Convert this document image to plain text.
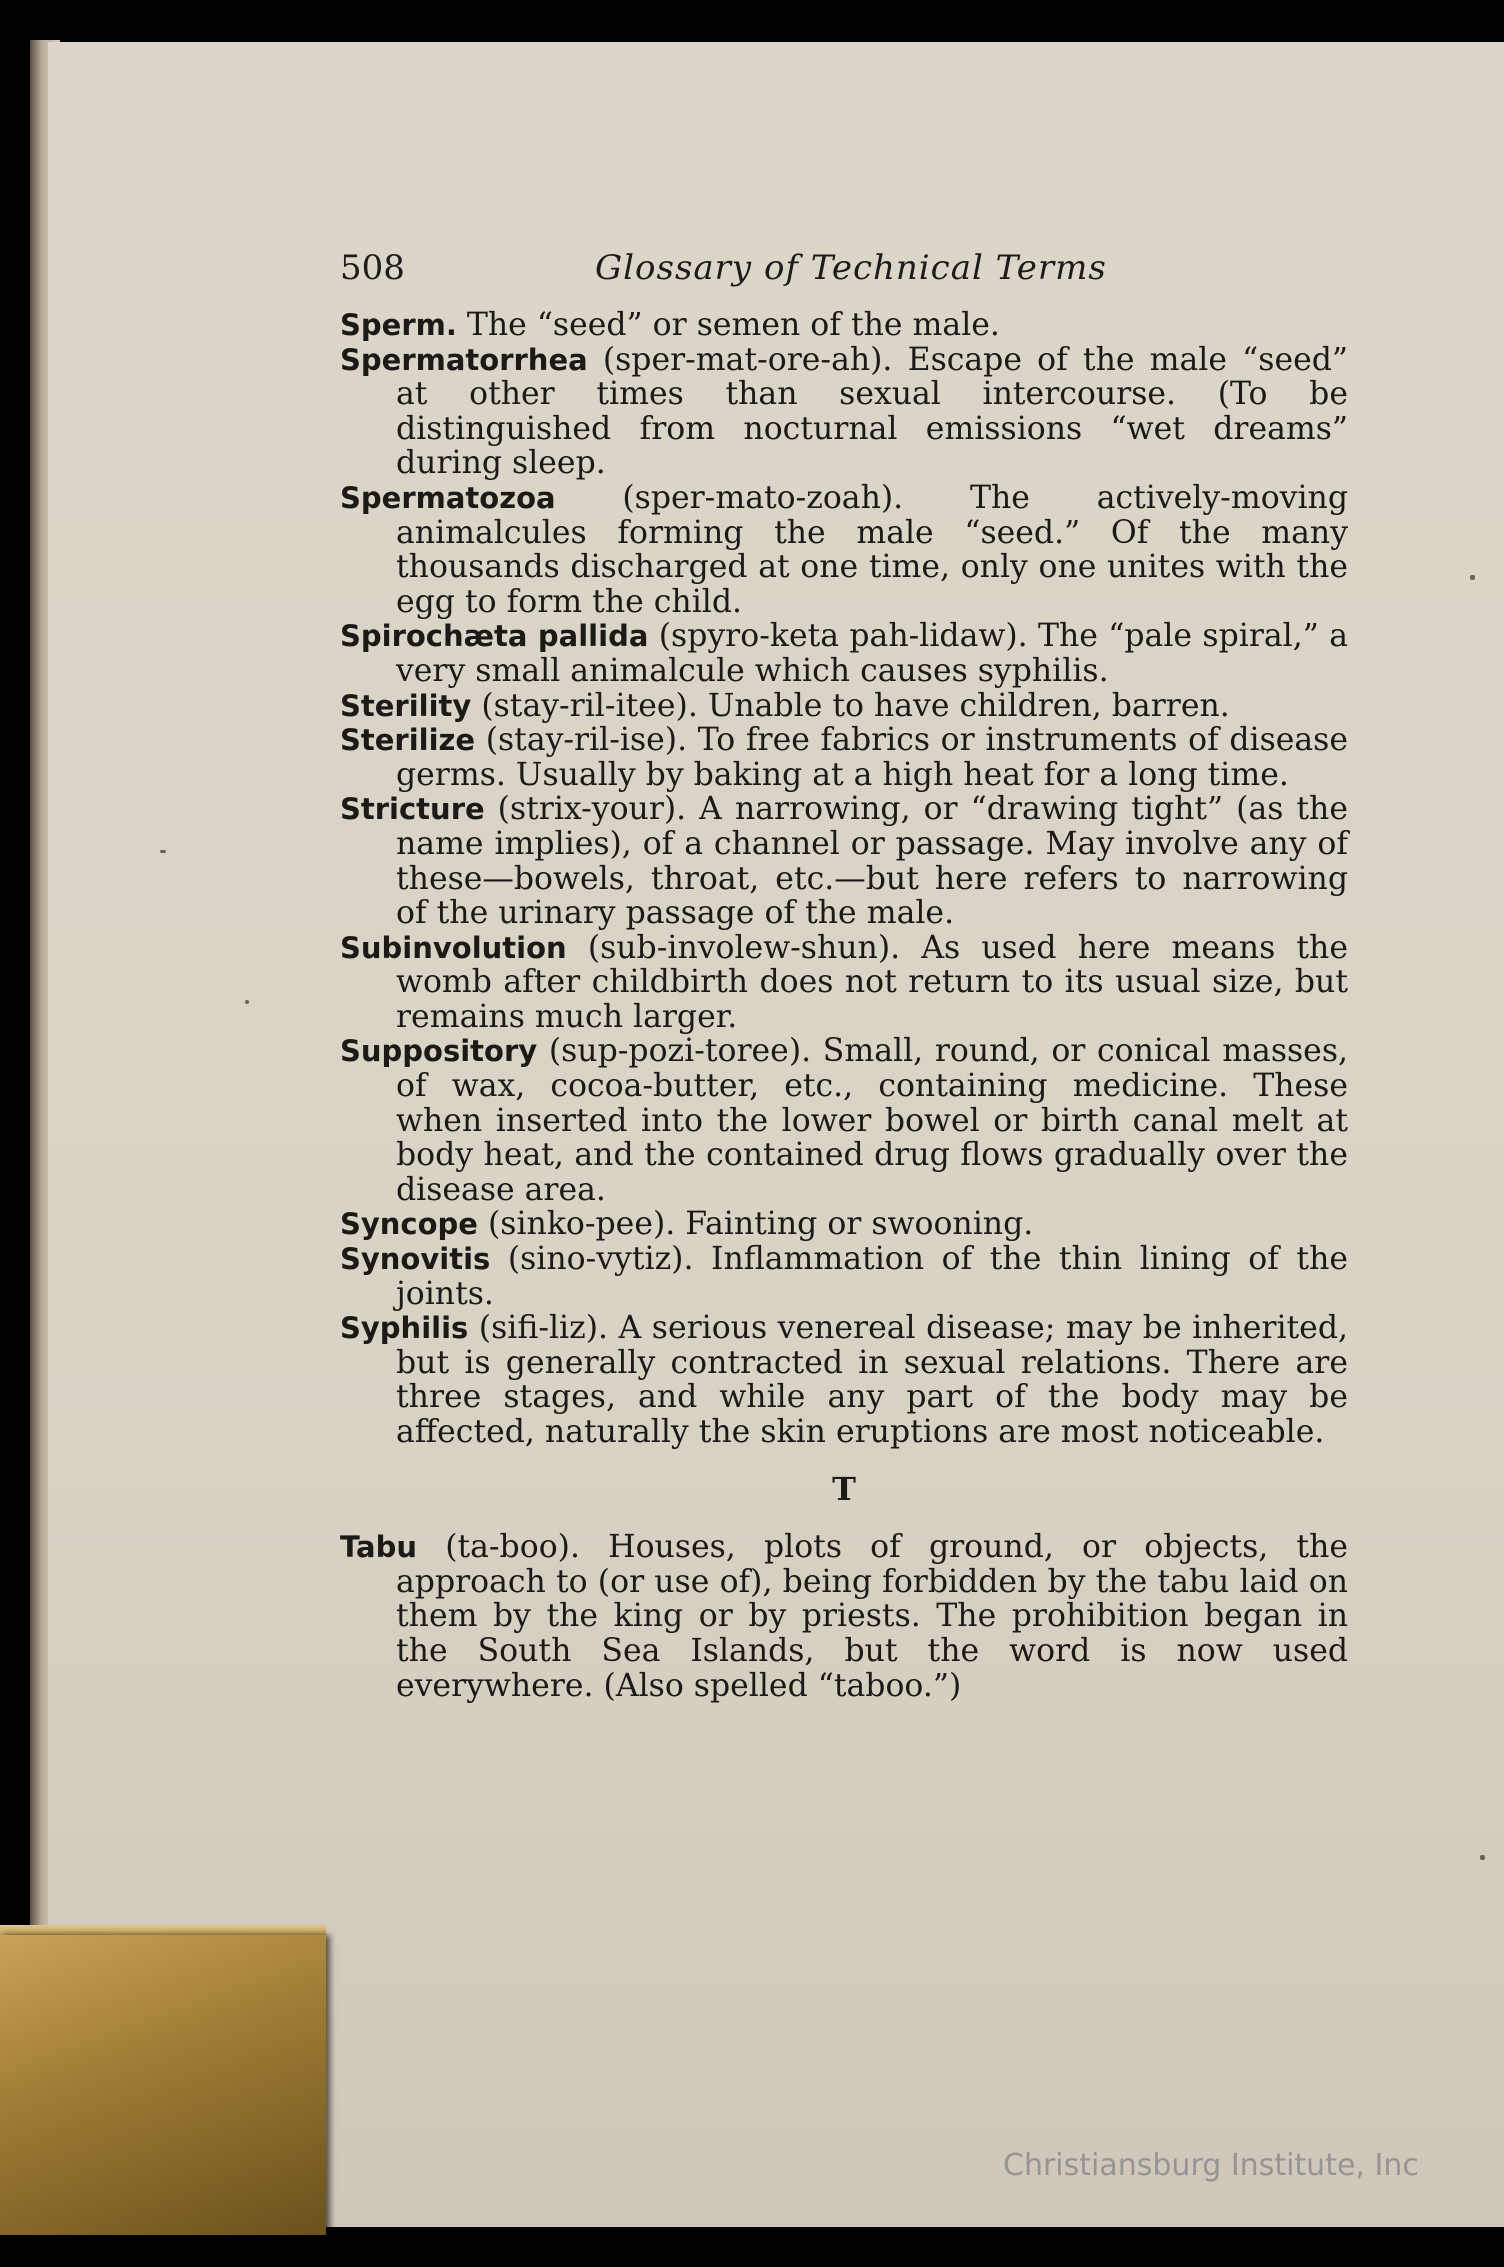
508	Glossary of Technical Terms

Sperm. The “seed” or semen of the male.

Spermatorrhea (sper-mat-ore-ah). Escape of the male “seed” at other times than sexual intercourse. (To be distinguished from nocturnal emissions “wet dreams” during sleep.

Spermatozoa (sper-mato-zoah). The actively-moving animalcules forming the male “seed.” Of the many thousands discharged at one time, only one unites with the egg to form the child.

Spirochæta pallida (spyro-keta pah-lidaw). The “pale spiral,” a very small animalcule which causes syphilis.

Sterility (stay-ril-itee). Unable to have children, barren.

Sterilize (stay-ril-ise). To free fabrics or instruments of disease germs. Usually by baking at a high heat for a long time.

Stricture (strix-your). A narrowing, or “drawing tight” (as the name implies), of a channel or passage. May involve any of these—bowels, throat, etc.—but here refers to narrowing of the urinary passage of the male.

Subinvolution (sub-involew-shun). As used here means the womb after childbirth does not return to its usual size, but remains much larger.

Suppository (sup-pozi-toree). Small, round, or conical masses, of wax, cocoa-butter, etc., containing medicine. These when inserted into the lower bowel or birth canal melt at body heat, and the contained drug flows gradually over the disease area.

Syncope (sinko-pee). Fainting or swooning.

Synovitis (sino-vytiz). Inflammation of the thin lining of the joints.

Syphilis (sifi-liz). A serious venereal disease; may be inherited, but is generally contracted in sexual relations. There are three stages, and while any part of the body may be affected, naturally the skin eruptions are most noticeable.

T

Tabu (ta-boo). Houses, plots of ground, or objects, the approach to (or use of), being forbidden by the tabu laid on them by the king or by priests. The prohibition began in the South Sea Islands, but the word is now used everywhere. (Also spelled “taboo.”)

Christiansburg Institute, Inc
